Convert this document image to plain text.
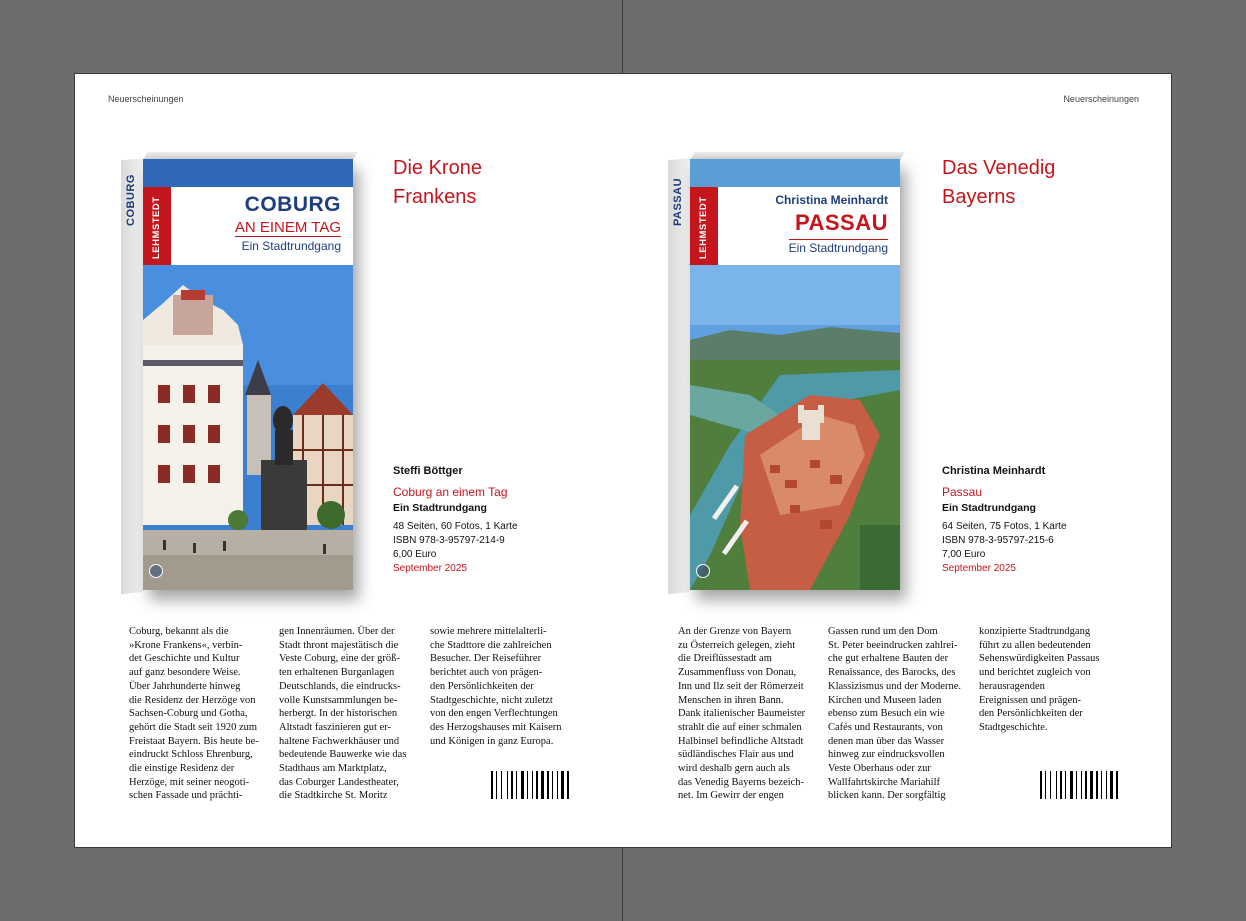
Neuerscheinungen
COBURG	COBURG
AN EINEM TAG
Ein Stadtrundgang
LEHMSTEDT
Die Krone
Frankens
Steffi Böttger
Coburg an einem Tag
Ein Stadtrundgang
48 Seiten, 60 Fotos, 1 Karte
ISBN 978-3-95797-214-9
6,00 Euro
September 2025

Coburg, bekannt als die

»Krone Frankens«, verbin-

det Geschichte und Kultur

auf ganz besondere Weise.

Über Jahrhunderte hinweg

die Residenz der Herzöge von

Sachsen-Coburg und Gotha,

gehört die Stadt seit 1920 zum

Freistaat Bayern. Bis heute be-

eindruckt Schloss Ehrenburg,

die einstige Residenz der

Herzöge, mit seiner neogoti-

schen Fassade und prächti-

gen Innenräumen. Über der

Stadt thront majestätisch die

Veste Coburg, eine der größ-

ten erhaltenen Burganlagen

Deutschlands, die eindrucks-

volle Kunstsammlungen be-

herbergt. In der historischen

Altstadt faszinieren gut er-

haltene Fachwerkhäuser und

bedeutende Bauwerke wie das

Stadthaus am Marktplatz,

das Coburger Landestheater,

die Stadtkirche St. Moritz

sowie mehrere mittelalterli-

che Stadttore die zahlreichen

Besucher. Der Reiseführer

berichtet auch von prägen-

den Persönlichkeiten der

Stadtgeschichte, nicht zuletzt

von den engen Verflechtungen

des Herzogshauses mit Kaisern

und Königen in ganz Europa.

Neuerscheinungen
PASSAU	Christina Meinhardt
PASSAU
Ein Stadtrundgang
LEHMSTEDT
Das Venedig
Bayerns
Christina Meinhardt
Passau
Ein Stadtrundgang
64 Seiten, 75 Fotos, 1 Karte
ISBN 978-3-95797-215-6
7,00 Euro
September 2025

An der Grenze von Bayern

zu Österreich gelegen, zieht

die Dreiflüssestadt am

Zusammenfluss von Donau,

Inn und Ilz seit der Römerzeit

Menschen in ihren Bann.

Dank italienischer Baumeister

strahlt die auf einer schmalen

Halbinsel befindliche Altstadt

südländisches Flair aus und

wird deshalb gern auch als

das Venedig Bayerns bezeich-

net. Im Gewirr der engen

Gassen rund um den Dom

St. Peter beeindrucken zahlrei-

che gut erhaltene Bauten der

Renaissance, des Barocks, des

Klassizismus und der Moderne.

Kirchen und Museen laden

ebenso zum Besuch ein wie

Cafés und Restaurants, von

denen man über das Wasser

hinweg zur eindrucksvollen

Veste Oberhaus oder zur

Wallfahrtskirche Mariahilf

blicken kann. Der sorgfältig

konzipierte Stadtrundgang

führt zu allen bedeutenden

Sehenswürdigkeiten Passaus

und berichtet zugleich von

herausragenden

Ereignissen und prägen-

den Persönlichkeiten der

Stadtgeschichte.
